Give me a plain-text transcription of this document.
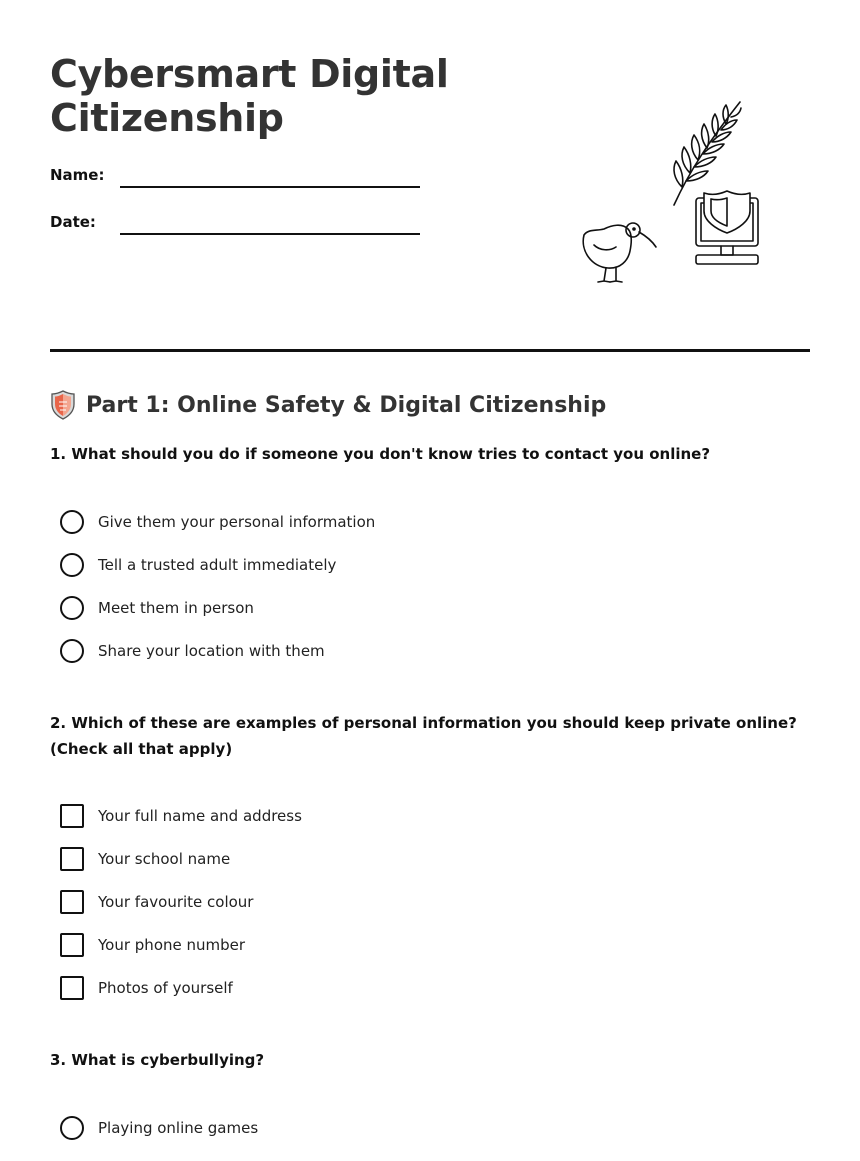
Cybersmart Digital Citizenship
Name:
Date:
Part 1: Online Safety & Digital Citizenship
1. What should you do if someone you don't know tries to contact you online?
Give them your personal information
Tell a trusted adult immediately
Meet them in person
Share your location with them
2. Which of these are examples of personal information you should keep private online? (Check all that apply)
Your full name and address
Your school name
Your favourite colour
Your phone number
Photos of yourself
3. What is cyberbullying?
Playing online games
